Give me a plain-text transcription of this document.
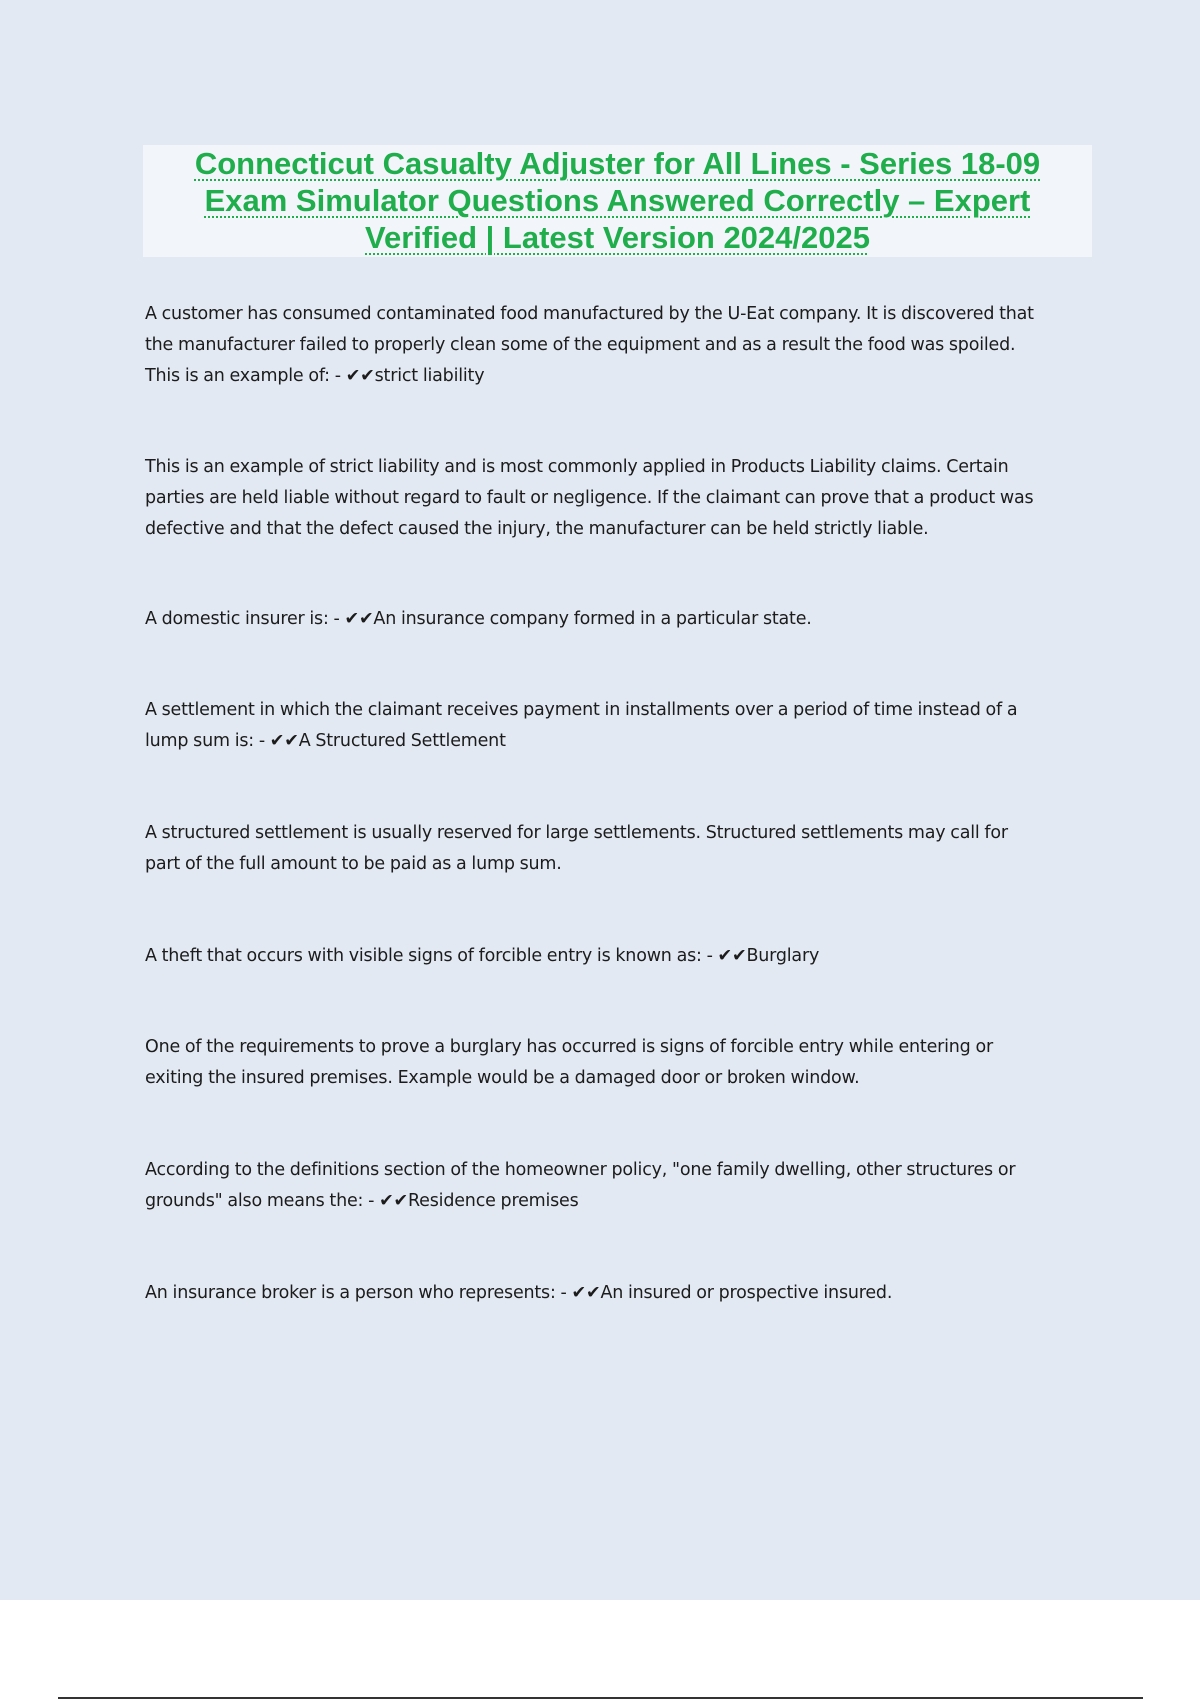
Connecticut Casualty Adjuster for All Lines - Series 18-09
Exam Simulator Questions Answered Correctly – Expert
Verified | Latest Version 2024/2025
A customer has consumed contaminated food manufactured by the U-Eat company. It is discovered that
the manufacturer failed to properly clean some of the equipment and as a result the food was spoiled.
This is an example of: - ✔✔strict liability
This is an example of strict liability and is most commonly applied in Products Liability claims. Certain
parties are held liable without regard to fault or negligence. If the claimant can prove that a product was
defective and that the defect caused the injury, the manufacturer can be held strictly liable.
A domestic insurer is: - ✔✔An insurance company formed in a particular state.
A settlement in which the claimant receives payment in installments over a period of time instead of a
lump sum is: - ✔✔A Structured Settlement
A structured settlement is usually reserved for large settlements. Structured settlements may call for
part of the full amount to be paid as a lump sum.
A theft that occurs with visible signs of forcible entry is known as: - ✔✔Burglary
One of the requirements to prove a burglary has occurred is signs of forcible entry while entering or
exiting the insured premises. Example would be a damaged door or broken window.
According to the definitions section of the homeowner policy, "one family dwelling, other structures or
grounds" also means the: - ✔✔Residence premises
An insurance broker is a person who represents: - ✔✔An insured or prospective insured.
